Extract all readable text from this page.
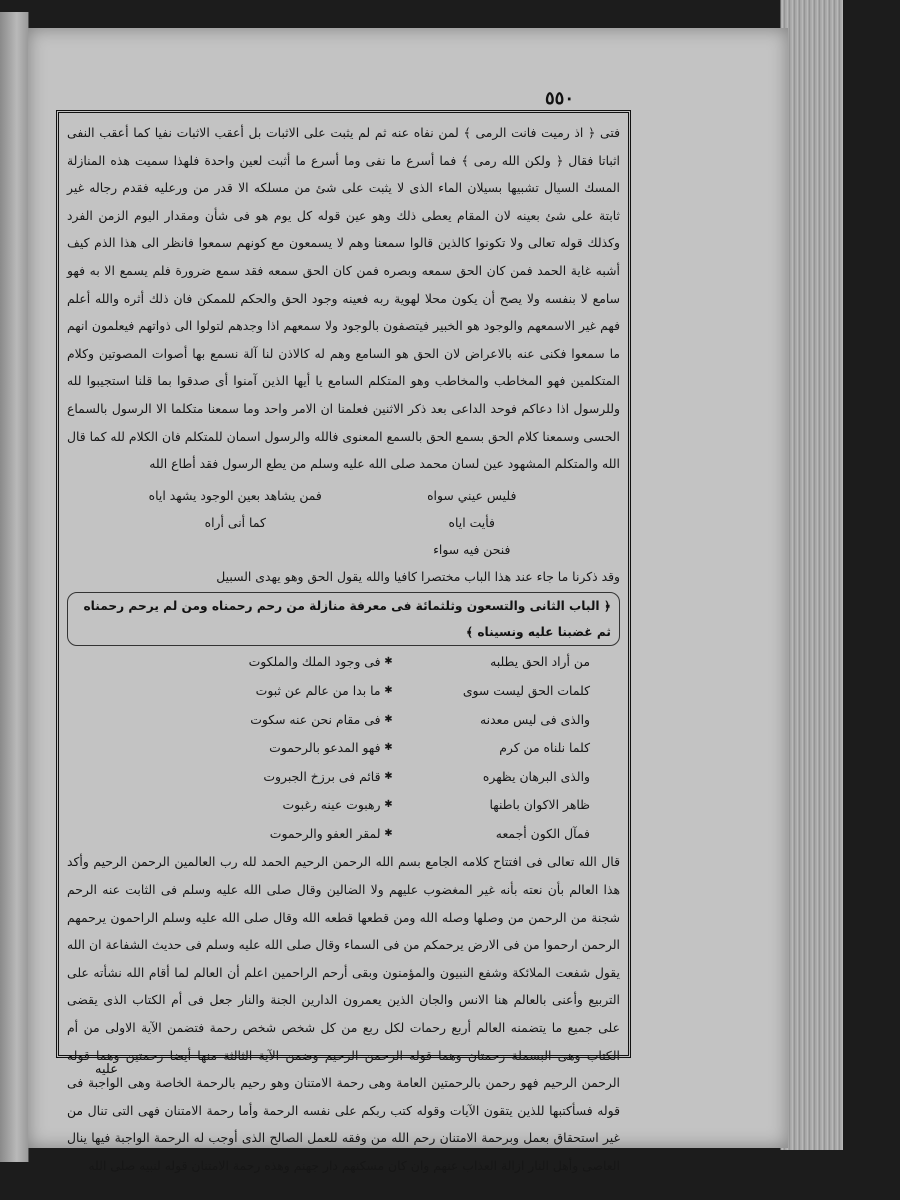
٥٥٠

فتى ﴿ اذ رميت فانت الرمى ﴾ لمن نفاه عنه ثم لم يثبت على الاثبات بل أعقب الاثبات نفيا كما أعقب النفى اثباتا فقال ﴿ ولكن الله رمى ﴾ فما أسرع ما نفى وما أسرع ما أثبت لعين واحدة فلهذا سميت هذه المنازلة المسك السيال تشبيها بسيلان الماء الذى لا يثبت على شئ من مسلكه الا قدر من ورعليه فقدم رجاله غير ثابتة على شئ بعينه لان المقام يعطى ذلك وهو عين قوله كل يوم هو فى شأن ومقدار اليوم الزمن الفرد وكذلك قوله تعالى ولا تكونوا كالذين قالوا سمعنا وهم لا يسمعون مع كونهم سمعوا فانظر الى هذا الذم كيف أشبه غاية الحمد فمن كان الحق سمعه وبصره فمن كان الحق سمعه فقد سمع ضرورة فلم يسمع الا به فهو سامع لا بنفسه ولا يصح أن يكون محلا لهوية ربه فعينه وجود الحق والحكم للممكن فان ذلك أثره والله أعلم فهم غير الاسمعهم والوجود هو الخبير فيتصفون بالوجود ولا سمعهم اذا وجدهم لتولوا الى ذواتهم فيعلمون انهم ما سمعوا فكنى عنه بالاعراض لان الحق هو السامع وهم له كالاذن لنا آلة نسمع بها أصوات المصوتين وكلام المتكلمين فهو المخاطب والمخاطب وهو المتكلم السامع يا أيها الذين آمنوا أى صدقوا بما قلنا استجيبوا لله وللرسول اذا دعاكم فوحد الداعى بعد ذكر الاثنين فعلمنا ان الامر واحد وما سمعنا متكلما الا الرسول بالسماع الحسى وسمعنا كلام الحق بسمع الحق بالسمع المعنوى فالله والرسول اسمان للمتكلم فان الكلام لله كما قال الله والمتكلم المشهود عين لسان محمد صلى الله عليه وسلم من يطع الرسول فقد أطاع الله

فليس عيني سواه
فمن يشاهد بعين الوجود يشهد اياه
فأيت اياه
كما أنى أراه
فنحن فيه سواء

وقد ذكرنا ما جاء عند هذا الباب مختصرا كافيا والله يقول الحق وهو يهدى السبيل

﴿ الباب الثانى والتسعون وثلثمائة فى معرفة منازلة من رحم رحمناه ومن لم يرحم رحمناه ثم غضبنا عليه ونسيناه ﴾
من أراد الحق يطلبه
✱
فى وجود الملك والملكوت
كلمات الحق ليست سوى
✱
ما بدا من عالم عن ثبوت
والذى فى ليس معدنه
✱
فى مقام نحن عنه سكوت
كلما نلناه من كرم
✱
فهو المدعو بالرحموت
والذى البرهان يظهره
✱
قائم فى برزخ الجبروت
ظاهر الاكوان باطنها
✱
رهبوت عينه رغبوت
فمآل الكون أجمعه
✱
لمقر العفو والرحموت

قال الله تعالى فى افتتاح كلامه الجامع بسم الله الرحمن الرحيم الحمد لله رب العالمين الرحمن الرحيم وأكد هذا العالم بأن نعته بأنه غير المغضوب عليهم ولا الضالين وقال صلى الله عليه وسلم فى الثابت عنه الرحم شجنة من الرحمن من وصلها وصله الله ومن قطعها قطعه الله وقال صلى الله عليه وسلم الراحمون يرحمهم الرحمن ارحموا من فى الارض يرحمكم من فى السماء وقال صلى الله عليه وسلم فى حديث الشفاعة ان الله يقول شفعت الملائكة وشفع النبيون والمؤمنون وبقى أرحم الراحمين اعلم أن العالم لما أقام الله نشأته على التربيع وأعنى بالعالم هنا الانس والجان الذين يعمرون الدارين الجنة والنار جعل فى أم الكتاب الذى يقضى على جميع ما يتضمنه العالم أربع رحمات لكل ربع من كل شخص شخص رحمة فتضمن الآية الاولى من أم الكتاب وهى البسملة رحمتان وهما قوله الرحمن الرحيم وضمن الآية الثالثة منها أيضا رحمتين وهما قوله الرحمن الرحيم فهو رحمن بالرحمتين العامة وهى رحمة الامتنان وهو رحيم بالرحمة الخاصة وهى الواجبة فى قوله فسأكتبها للذين يتقون الآيات وقوله كتب ربكم على نفسه الرحمة وأما رحمة الامتنان فهى التى تنال من غير استحقاق بعمل وبرحمة الامتنان رحم الله من وفقه للعمل الصالح الذى أوجب له الرحمة الواجبة فيها ينال العاصى وأهل النار ازالة العذاب عنهم وان كان مسكنهم دار جهنم وهذه رحمة الامتنان قوله لنبيه صلى الله

عليه
